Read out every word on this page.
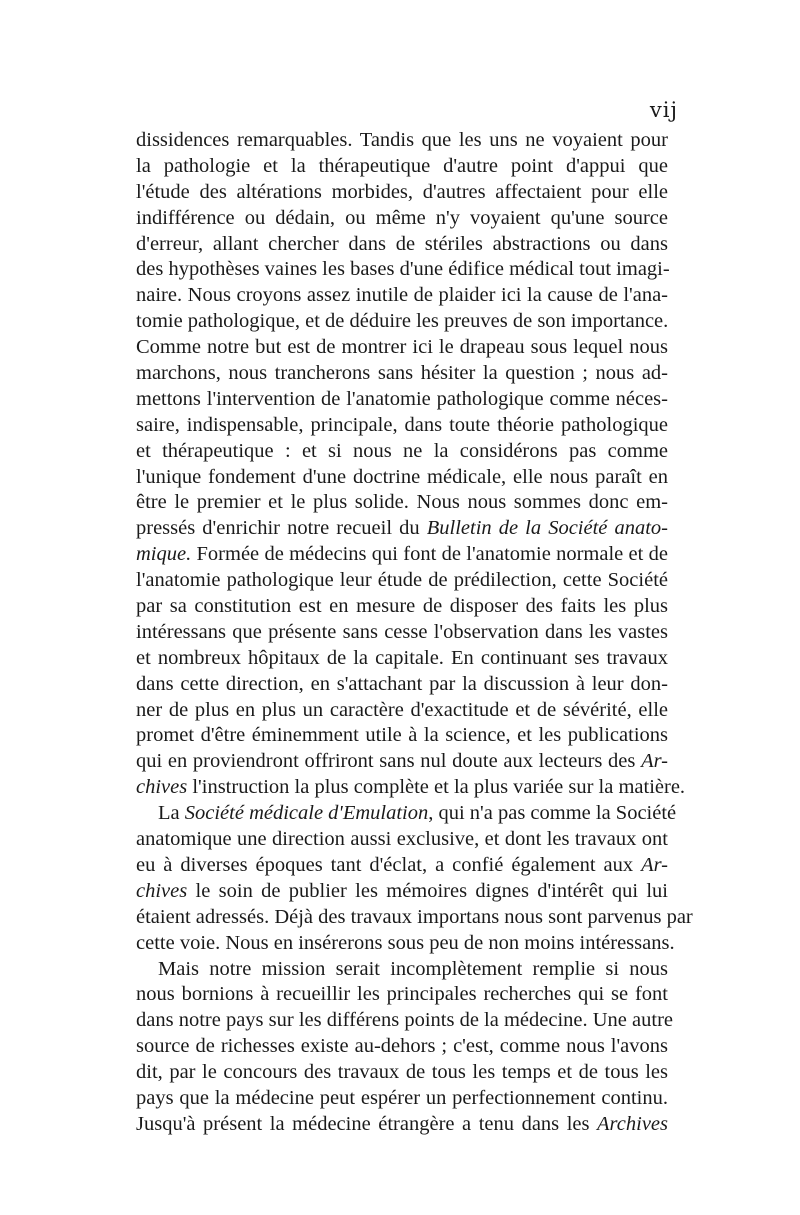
vij
dissidences remarquables. Tandis que les uns ne voyaient pour
la pathologie et la thérapeutique d'autre point d'appui que
l'étude des altérations morbides, d'autres affectaient pour elle
indifférence ou dédain, ou même n'y voyaient qu'une source
d'erreur, allant chercher dans de stériles abstractions ou dans
des hypothèses vaines les bases d'une édifice médical tout imagi-
naire. Nous croyons assez inutile de plaider ici la cause de l'ana-
tomie pathologique, et de déduire les preuves de son importance.
Comme notre but est de montrer ici le drapeau sous lequel nous
marchons, nous trancherons sans hésiter la question ; nous ad-
mettons l'intervention de l'anatomie pathologique comme néces-
saire, indispensable, principale, dans toute théorie pathologique
et thérapeutique : et si nous ne la considérons pas comme
l'unique fondement d'une doctrine médicale, elle nous paraît en
être le premier et le plus solide. Nous nous sommes donc em-
pressés d'enrichir notre recueil du Bulletin de la Société anato-
mique. Formée de médecins qui font de l'anatomie normale et de
l'anatomie pathologique leur étude de prédilection, cette Société
par sa constitution est en mesure de disposer des faits les plus
intéressans que présente sans cesse l'observation dans les vastes
et nombreux hôpitaux de la capitale. En continuant ses travaux
dans cette direction, en s'attachant par la discussion à leur don-
ner de plus en plus un caractère d'exactitude et de sévérité, elle
promet d'être éminemment utile à la science, et les publications
qui en proviendront offriront sans nul doute aux lecteurs des Ar-
chives l'instruction la plus complète et la plus variée sur la matière.
La Société médicale d'Emulation, qui n'a pas comme la Société
anatomique une direction aussi exclusive, et dont les travaux ont
eu à diverses époques tant d'éclat, a confié également aux Ar-
chives le soin de publier les mémoires dignes d'intérêt qui lui
étaient adressés. Déjà des travaux importans nous sont parvenus par
cette voie. Nous en insérerons sous peu de non moins intéressans.
Mais notre mission serait incomplètement remplie si nous
nous bornions à recueillir les principales recherches qui se font
dans notre pays sur les différens points de la médecine. Une autre
source de richesses existe au-dehors ; c'est, comme nous l'avons
dit, par le concours des travaux de tous les temps et de tous les
pays que la médecine peut espérer un perfectionnement continu.
Jusqu'à présent la médecine étrangère a tenu dans les Archives
